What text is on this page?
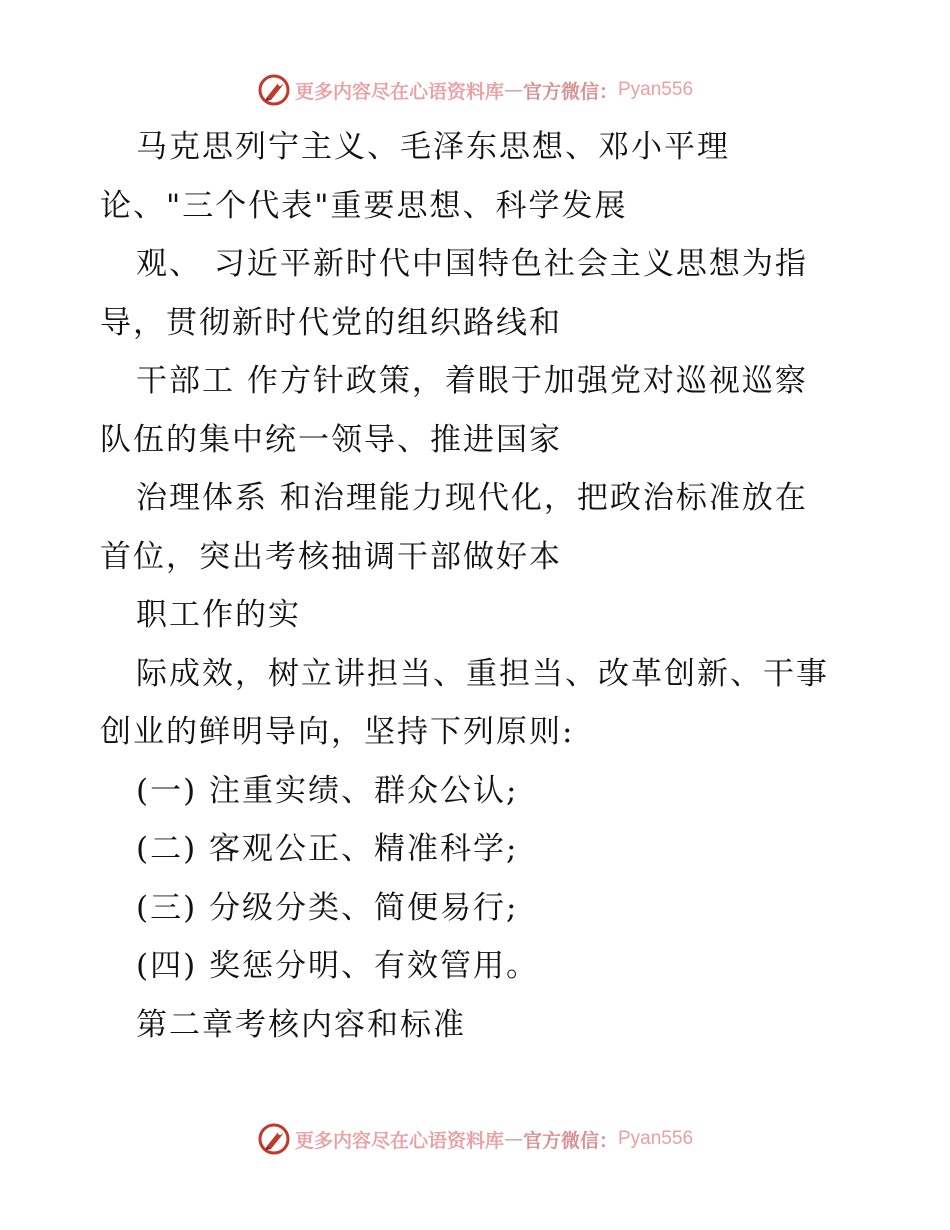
更多内容尽在心语资料库 — 官方微信： Pyan556
马克思列宁主义、毛泽东思想、邓小平理
论、"三个代表"重要思想、科学发展
观、 习近平新时代中国特色社会主义思想为指
导，贯彻新时代党的组织路线和
干部工 作方针政策，着眼于加强党对巡视巡察
队伍的集中统一领导、推进国家
治理体系 和治理能力现代化，把政治标准放在
首位，突出考核抽调干部做好本
职工作的实
际成效，树立讲担当、重担当、改革创新、干事
创业的鲜明导向，坚持下列原则:
(一) 注重实绩、群众公认;
(二) 客观公正、精准科学;
(三) 分级分类、简便易行;
(四) 奖惩分明、有效管用。
第二章考核内容和标准
更多内容尽在心语资料库 — 官方微信： Pyan556
